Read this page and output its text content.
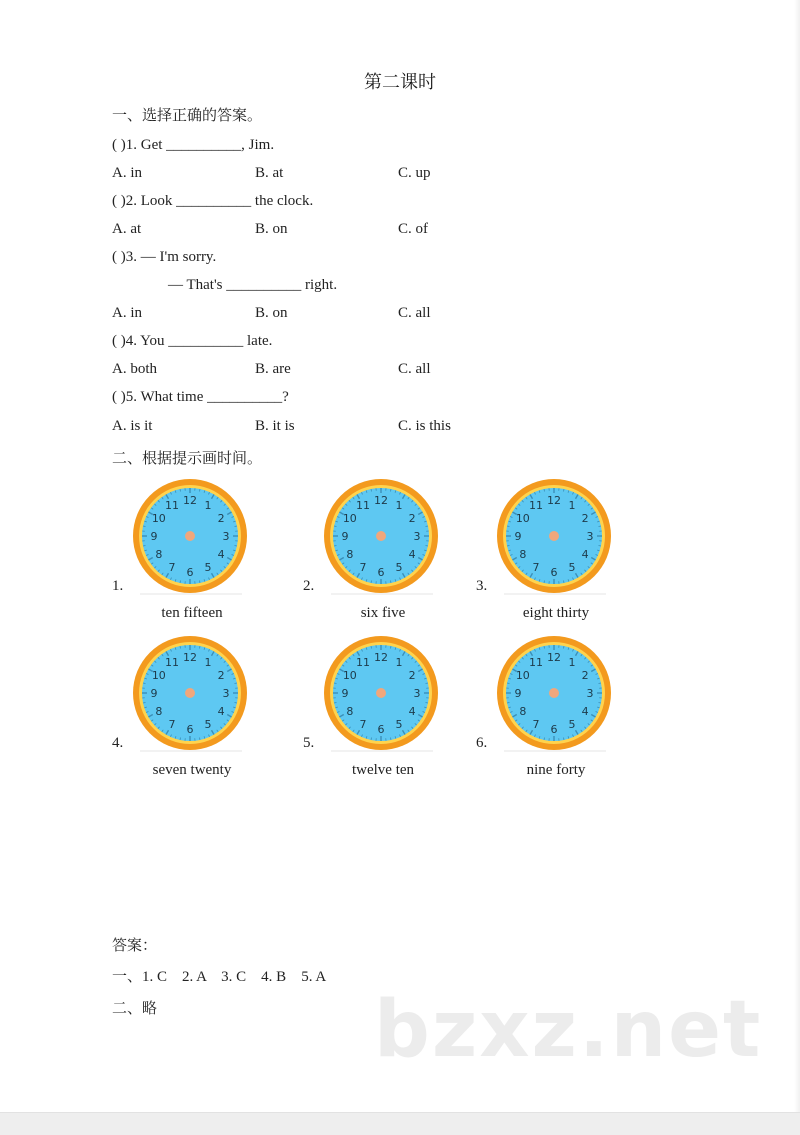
第二课时
一、选择正确的答案。
( )1. Get __________, Jim.
A. in	B. at	C. up
( )2. Look __________ the clock.
A. at	B. on	C. of
( )3. — I'm sorry.
— That's __________ right.
A. in	B. on	C. all
( )4. You __________ late.
A. both	B. are	C. all
( )5. What time __________?
A. is it	B. it is	C. is this
二、根据提示画时间。
1.
12 1
2
3
4
5
6
7
8
9
10
11
ten fifteen
2.
12 1
2
3
4
5
6
7
8
9
10
11
six five
3.
12 1
2
3
4
5
6
7
8
9
10
11
eight thirty
4.
12 1
2
3
4
5
6
7
8
9
10
11
seven twenty
5.
12 1
2
3
4
5
6
7
8
9
10
11
twelve ten
6.
12 1
2
3
4
5
6
7
8
9
10
11
nine forty
答案：
一、1. C    2. A    3. C    4. B    5. A
二、略	bzxz.net
